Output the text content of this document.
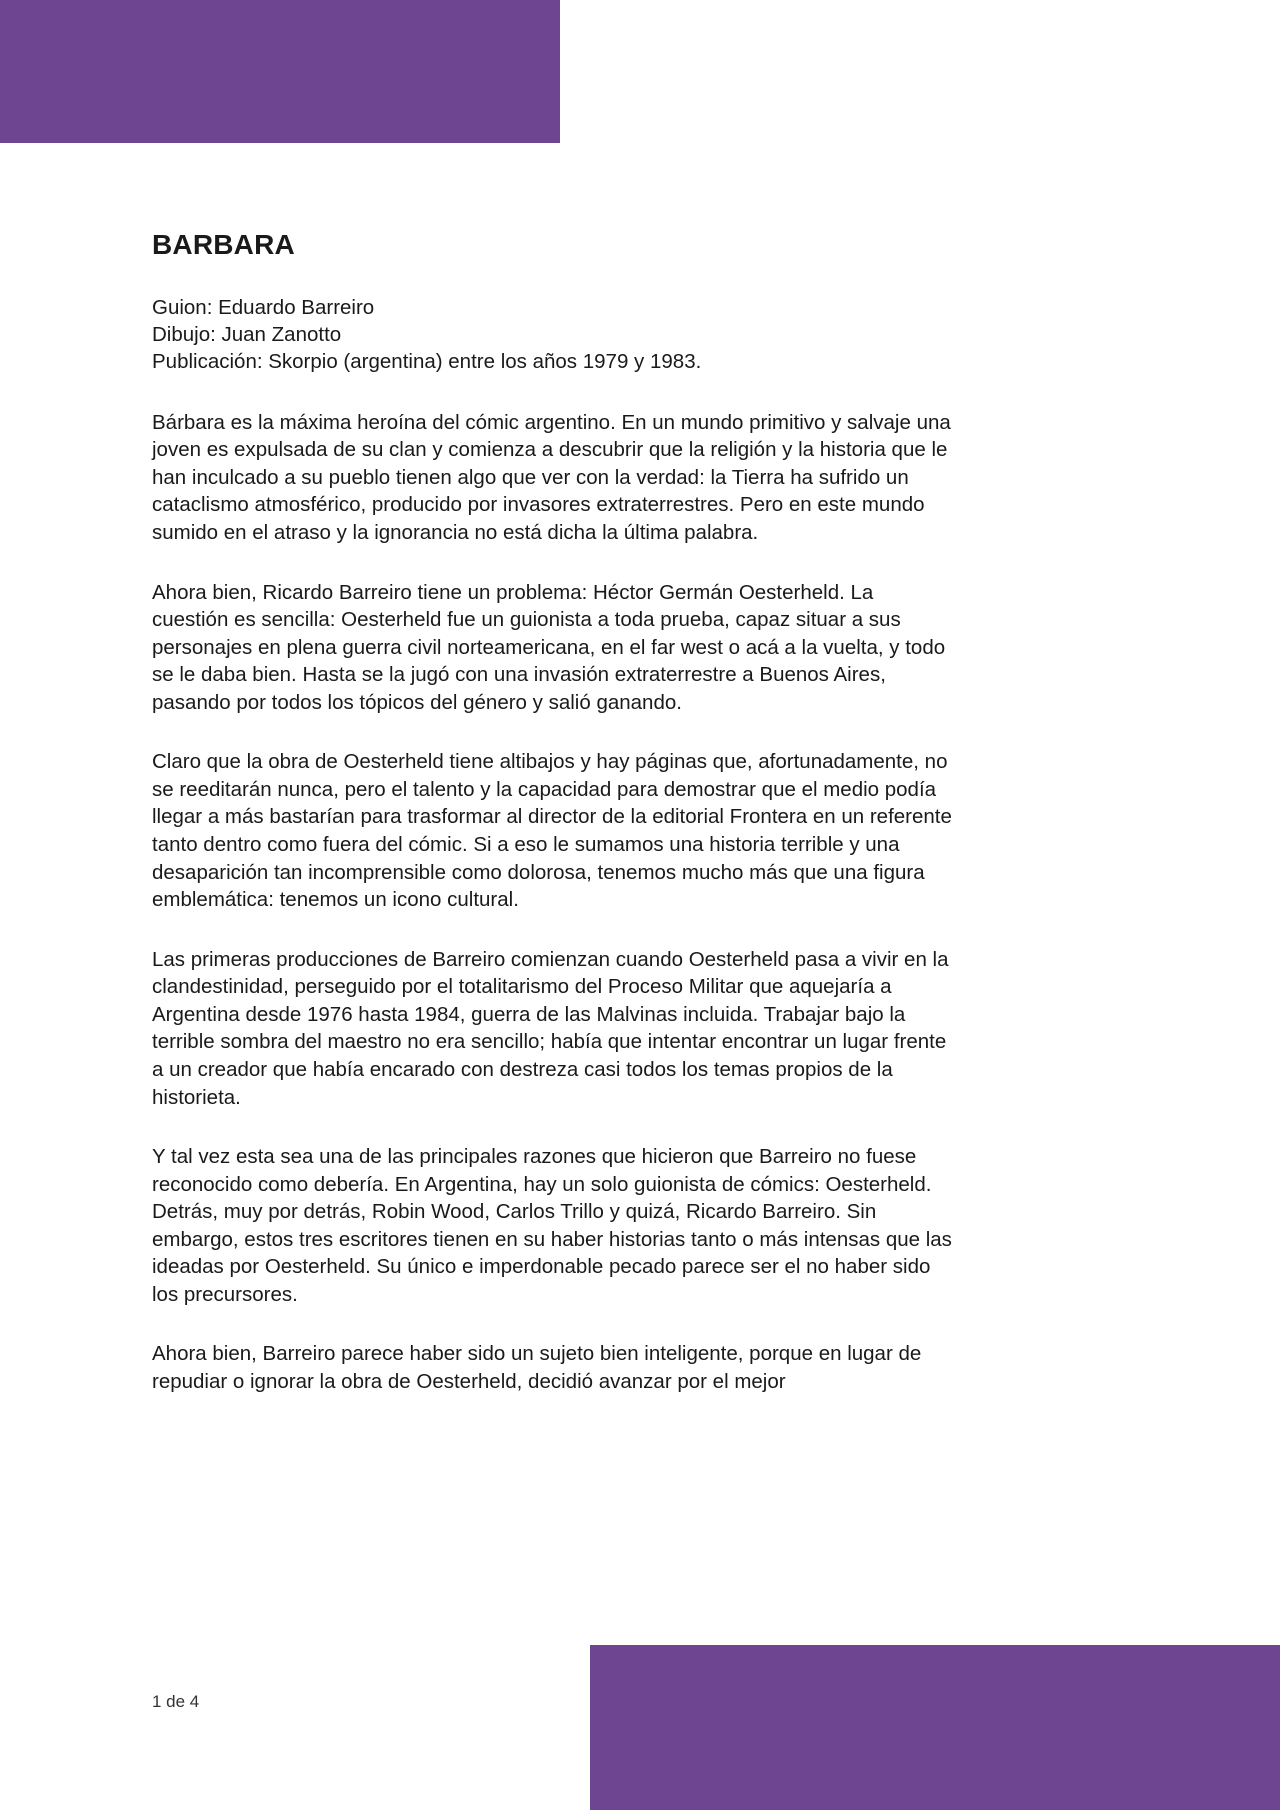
BARBARA
Guion: Eduardo Barreiro
Dibujo: Juan Zanotto
Publicación: Skorpio (argentina) entre los años 1979 y 1983.

Bárbara es la máxima heroína del cómic argentino. En un mundo primitivo y salvaje una joven es expulsada de su clan y comienza a descubrir que la religión y la historia que le han inculcado a su pueblo tienen algo que ver con la verdad: la Tierra ha sufrido un cataclismo atmosférico, producido por invasores extraterrestres. Pero en este mundo sumido en el atraso y la ignorancia no está dicha la última palabra.

Ahora bien, Ricardo Barreiro tiene un problema: Héctor Germán Oesterheld. La cuestión es sencilla: Oesterheld fue un guionista a toda prueba, capaz situar a sus personajes en plena guerra civil norteamericana, en el far west o acá a la vuelta, y todo se le daba bien. Hasta se la jugó con una invasión extraterrestre a Buenos Aires, pasando por todos los tópicos del género y salió ganando.

Claro que la obra de Oesterheld tiene altibajos y hay páginas que, afortunadamente, no se reeditarán nunca, pero el talento y la capacidad para demostrar que el medio podía llegar a más bastarían para trasformar al director de la editorial Frontera en un referente tanto dentro como fuera del cómic. Si a eso le sumamos una historia terrible y una desaparición tan incomprensible como dolorosa, tenemos mucho más que una figura emblemática: tenemos un icono cultural.

Las primeras producciones de Barreiro comienzan cuando Oesterheld pasa a vivir en la clandestinidad, perseguido por el totalitarismo del Proceso Militar que aquejaría a Argentina desde 1976 hasta 1984, guerra de las Malvinas incluida. Trabajar bajo la terrible sombra del maestro no era sencillo; había que intentar encontrar un lugar frente a un creador que había encarado con destreza casi todos los temas propios de la historieta.

Y tal vez esta sea una de las principales razones que hicieron que Barreiro no fuese reconocido como debería. En Argentina, hay un solo guionista de cómics: Oesterheld. Detrás, muy por detrás, Robin Wood, Carlos Trillo y quizá, Ricardo Barreiro. Sin embargo, estos tres escritores tienen en su haber historias tanto o más intensas que las ideadas por Oesterheld. Su único e imperdonable pecado parece ser el no haber sido los precursores.

Ahora bien, Barreiro parece haber sido un sujeto bien inteligente, porque en lugar de repudiar o ignorar la obra de Oesterheld, decidió avanzar por el mejor

1 de 4
